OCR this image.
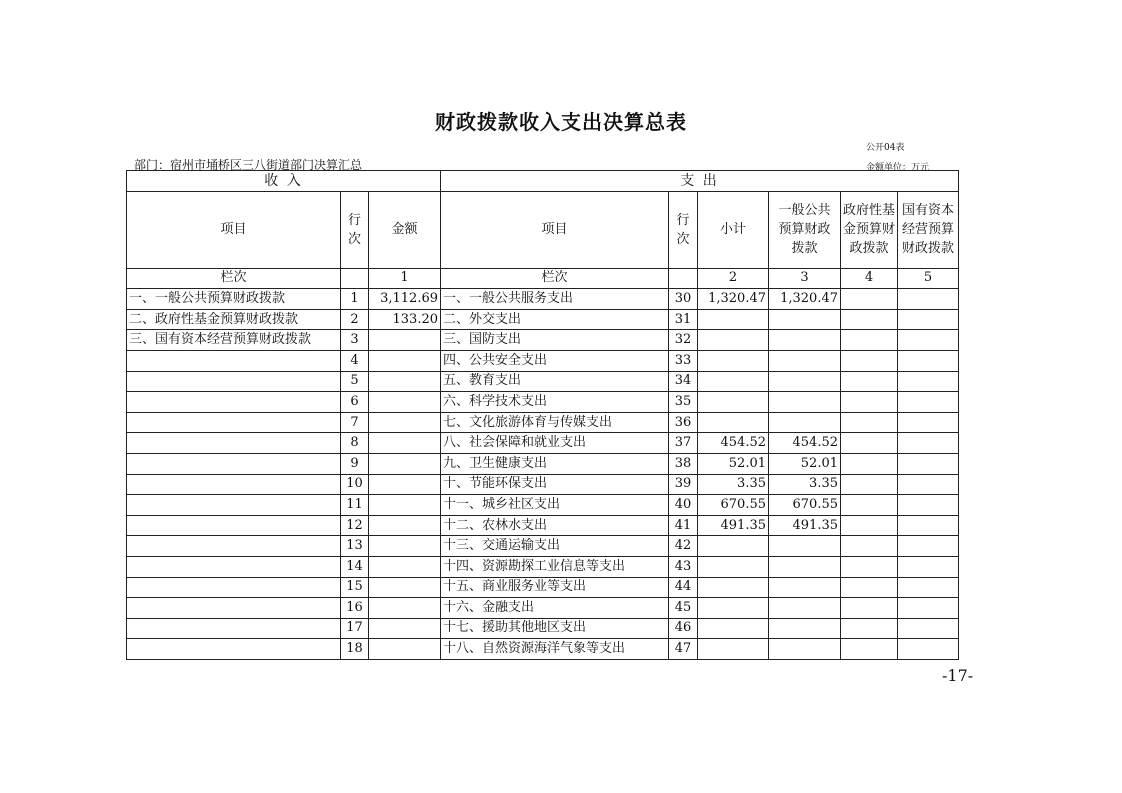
财政拨款收入支出决算总表
公开04表
部门：宿州市埇桥区三八街道部门决算汇总	金额单位：万元
收 入			支 出					
项目	行次	金额	项目	行次	小计	一般公共预算财政拨款	政府性基金预算财政拨款	国有资本经营预算财政拨款
栏次		1	栏次		2	3	4	5
一、一般公共预算财政拨款	1	3,112.69	一、一般公共服务支出	30	1,320.47	1,320.47		
二、政府性基金预算财政拨款	2	133.20	二、外交支出	31				
三、国有资本经营预算财政拨款	3		三、国防支出	32				
	4		四、公共安全支出	33				
	5		五、教育支出	34				
	6		六、科学技术支出	35				
	7		七、文化旅游体育与传媒支出	36				
	8		八、社会保障和就业支出	37	454.52	454.52		
	9		九、卫生健康支出	38	52.01	52.01		
	10		十、节能环保支出	39	3.35	3.35		
	11		十一、城乡社区支出	40	670.55	670.55		
	12		十二、农林水支出	41	491.35	491.35		
	13		十三、交通运输支出	42				
	14		十四、资源勘探工业信息等支出	43				
	15		十五、商业服务业等支出	44				
	16		十六、金融支出	45				
	17		十七、援助其他地区支出	46				
	18		十八、自然资源海洋气象等支出	47				
-17-
